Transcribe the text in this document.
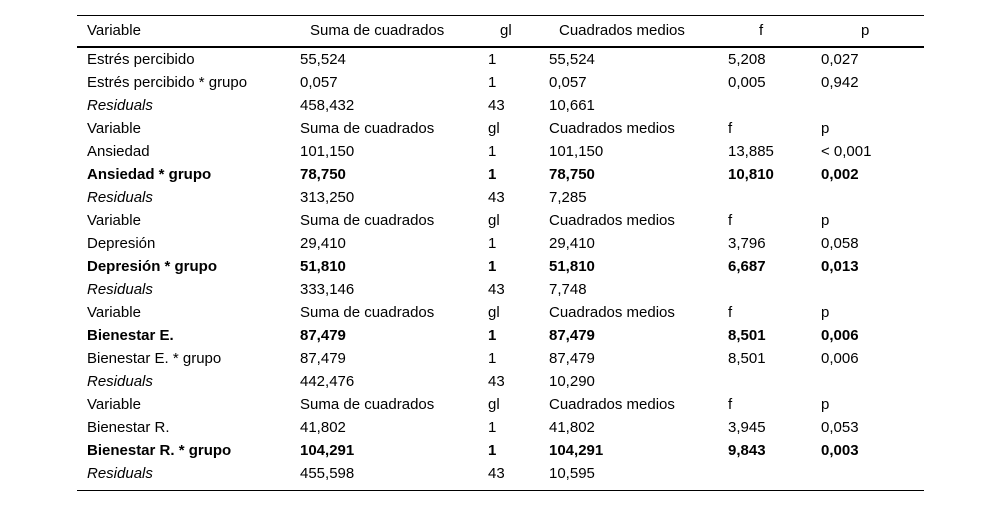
Variable	Suma de cuadrados	gl	Cuadrados medios	f	p
Estrés percibido	55,524	1	55,524	5,208	0,027
Estrés percibido * grupo	0,057	1	0,057	0,005	0,942
Residuals	458,432	43	10,661
Variable	Suma de cuadrados	gl	Cuadrados medios	f	p
Ansiedad	101,150	1	101,150	13,885	< 0,001
Ansiedad * grupo	78,750	1	78,750	10,810	0,002
Residuals	313,250	43	7,285
Variable	Suma de cuadrados	gl	Cuadrados medios	f	p
Depresión	29,410	1	29,410	3,796	0,058
Depresión * grupo	51,810	1	51,810	6,687	0,013
Residuals	333,146	43	7,748
Variable	Suma de cuadrados	gl	Cuadrados medios	f	p
Bienestar E.	87,479	1	87,479	8,501	0,006
Bienestar E. * grupo	87,479	1	87,479	8,501	0,006
Residuals	442,476	43	10,290
Variable	Suma de cuadrados	gl	Cuadrados medios	f	p
Bienestar R.	41,802	1	41,802	3,945	0,053
Bienestar R. * grupo	104,291	1	104,291	9,843	0,003
Residuals	455,598	43	10,595
